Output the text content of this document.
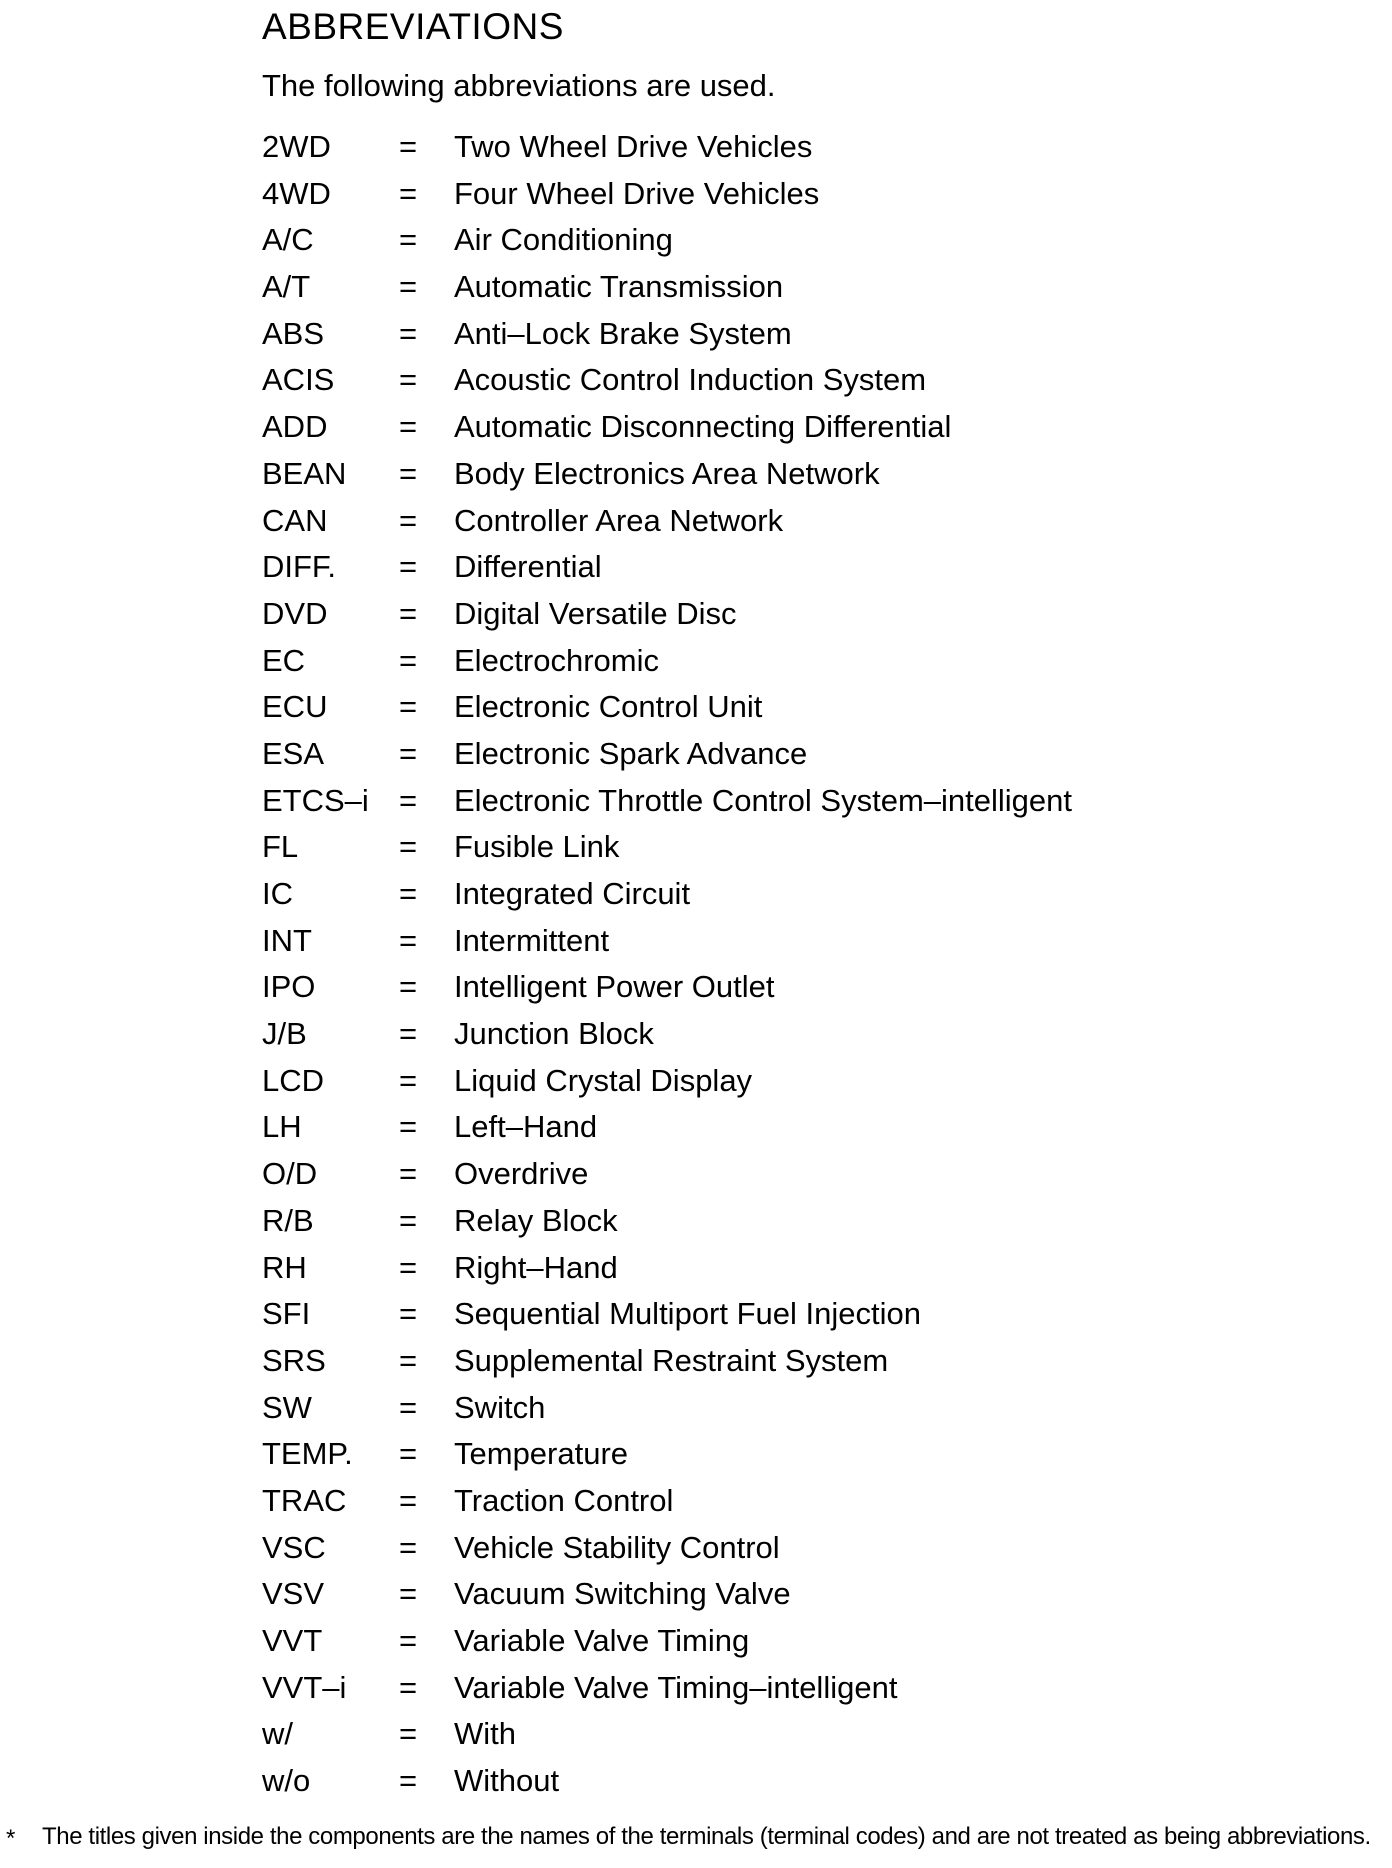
ABBREVIATIONS
The following abbreviations are used.
2WD = Two Wheel Drive Vehicles
4WD = Four Wheel Drive Vehicles
A/C	= Air Conditioning
A/T	= Automatic Transmission
ABS = Anti–Lock Brake System
ACIS = Acoustic Control Induction System
ADD = Automatic Disconnecting Differential
BEAN = Body Electronics Area Network
CAN = Controller Area Network
DIFF. = Differential
DVD = Digital Versatile Disc
EC	= Electrochromic
ECU = Electronic Control Unit
ESA = Electronic Spark Advance
ETCS–i = Electronic Throttle Control System–intelligent
FL	= Fusible Link
IC	= Integrated Circuit
INT	= Intermittent
IPO	= Intelligent Power Outlet
J/B	= Junction Block
LCD = Liquid Crystal Display
LH	= Left–Hand
O/D	= Overdrive
R/B	= Relay Block
RH	= Right–Hand
SFI	= Sequential Multiport Fuel Injection
SRS = Supplemental Restraint System
SW	= Switch
TEMP. = Temperature
TRAC = Traction Control
VSC = Vehicle Stability Control
VSV = Vacuum Switching Valve
VVT = Variable Valve Timing
VVT–i = Variable Valve Timing–intelligent
w/	= With
w/o	= Without
* The titles given inside the components are the names of the terminals (terminal codes) and are not treated as being abbreviations.
